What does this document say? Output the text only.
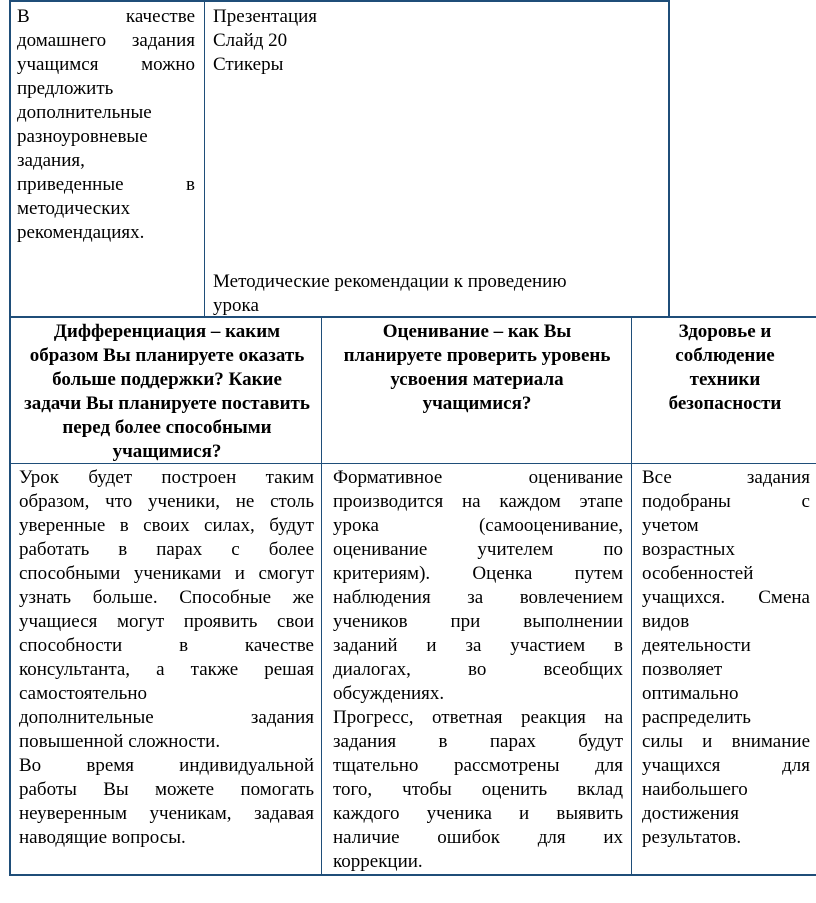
В качестве

домашнего задания

учащимся можно

предложить

дополнительные

разноуровневые

задания,

приведенные в

методических

рекомендациях.

Презентация

Слайд 20

Стикеры

Методические рекомендации к проведению

урока

Дифференциация – каким образом Вы планируете оказать больше поддержки? Какие задачи Вы планируете поставить перед более способными учащимися?
Оценивание – как Вы планируете проверить уровень усвоения материала учащимися?
Здоровье и соблюдение техники безопасности

Урок будет построен таким

образом, что ученики, не столь

уверенные в своих силах, будут

работать в парах с более

способными учениками и смогут

узнать больше. Способные же

учащиеся могут проявить свои

способности в качестве

консультанта, а также решая

самостоятельно

дополнительные задания

повышенной сложности.

Во время индивидуальной

работы Вы можете помогать

неуверенным ученикам, задавая

наводящие вопросы.

Формативное оценивание

производится на каждом этапе

урока (самооценивание,

оценивание учителем по

критериям). Оценка путем

наблюдения за вовлечением

учеников при выполнении

заданий и за участием в

диалогах, во всеобщих

обсуждениях.

Прогресс, ответная реакция на

задания в парах будут

тщательно рассмотрены для

того, чтобы оценить вклад

каждого ученика и выявить

наличие ошибок для их

коррекции.

Все задания

подобраны с

учетом

возрастных

особенностей

учащихся. Смена

видов

деятельности

позволяет

оптимально

распределить

силы и внимание

учащихся для

наибольшего

достижения

результатов.
